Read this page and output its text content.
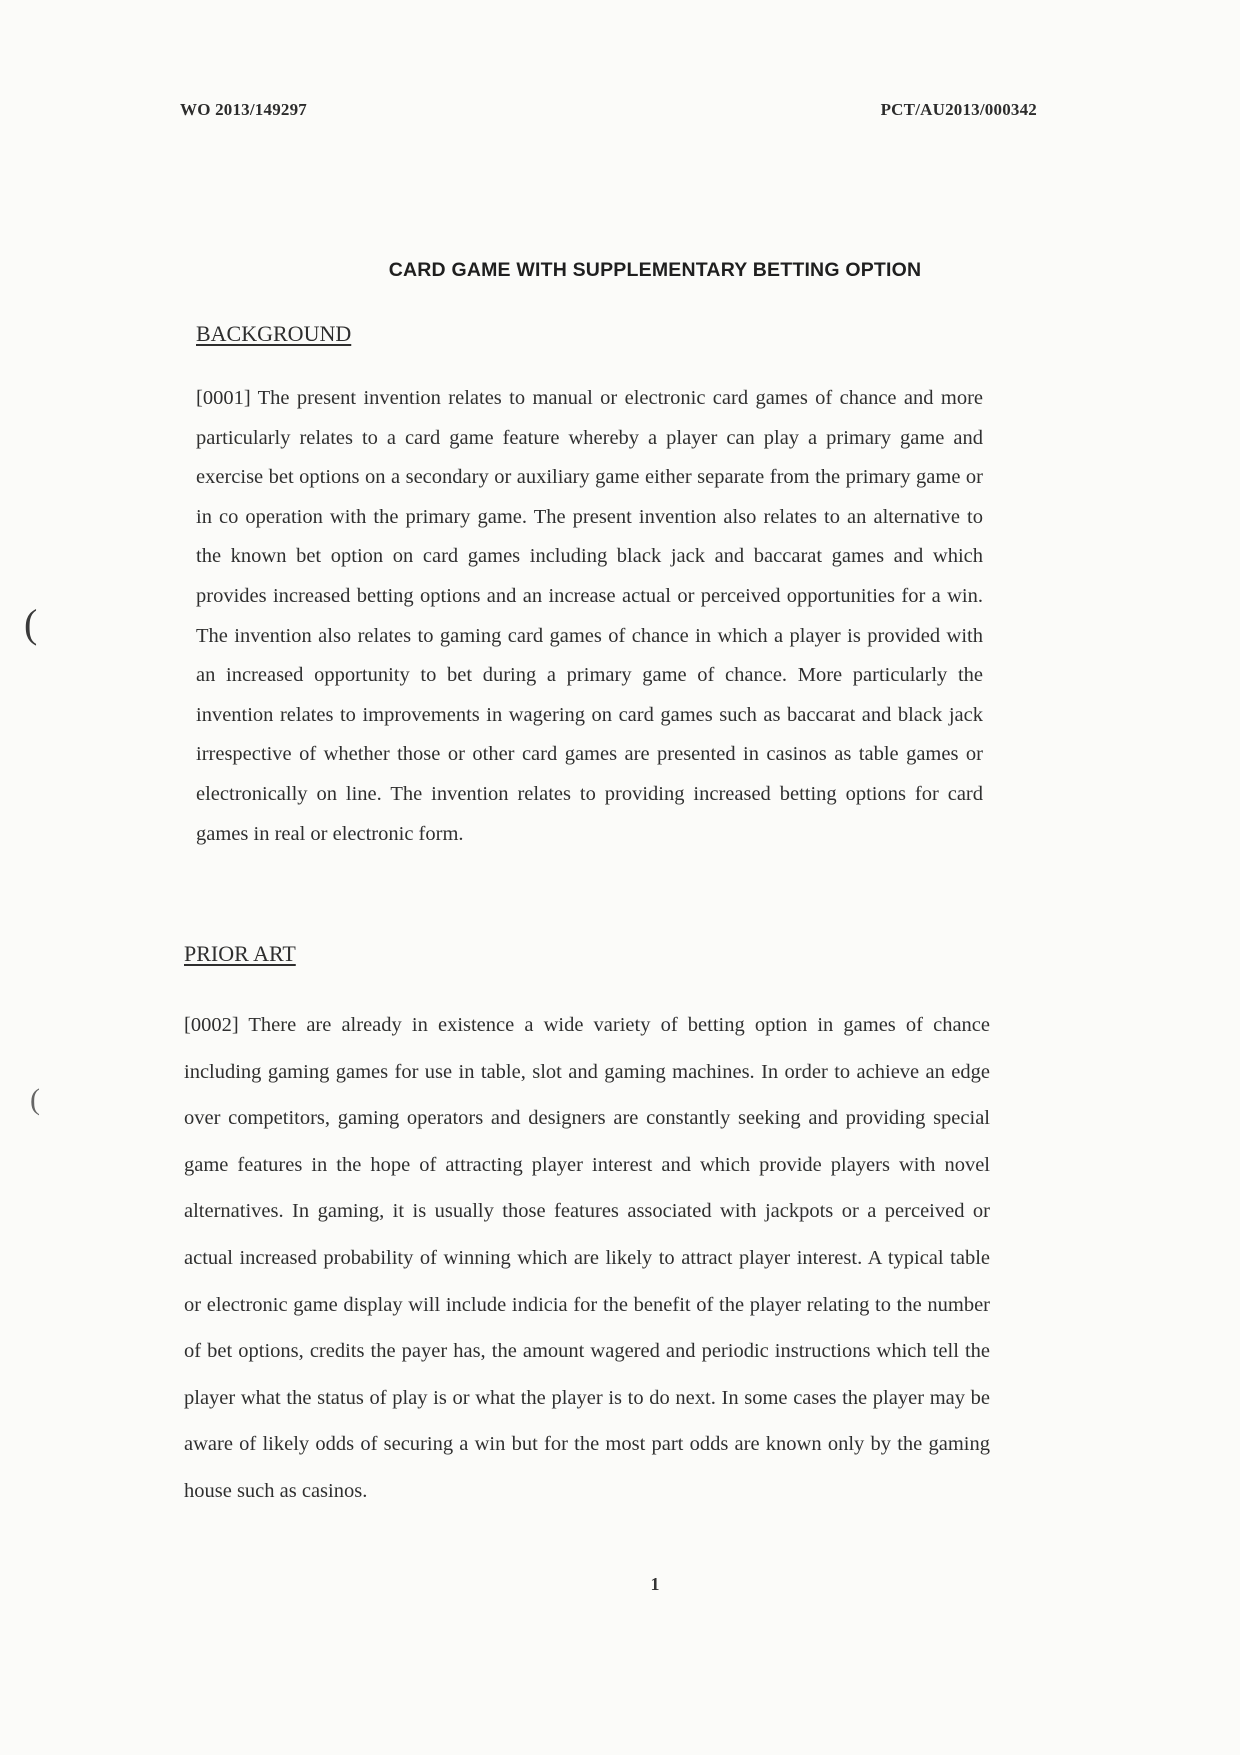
WO 2013/149297	PCT/AU2013/000342
CARD GAME WITH SUPPLEMENTARY BETTING OPTION
BACKGROUND

[0001] The present invention relates to manual or electronic card games of chance and more particularly relates to a card game feature whereby a player can play a primary game and exercise bet options on a secondary or auxiliary game either separate from the primary game or in co operation with the primary game. The present invention also relates to an alternative to the known bet option on card games including black jack and baccarat games and which provides increased betting options and an increase actual or perceived opportunities for a win. The invention also relates to gaming card games of chance in which a player is provided with an increased opportunity to bet during a primary game of chance. More particularly the invention relates to improvements in wagering on card games such as baccarat and black jack irrespective of whether those or other card games are presented in casinos as table games or electronically on line. The invention relates to providing increased betting options for card games in real or electronic form.

PRIOR ART

[0002] There are already in existence a wide variety of betting option in games of chance including gaming games for use in table, slot and gaming machines. In order to achieve an edge over competitors, gaming operators and designers are constantly seeking and providing special game features in the hope of attracting player interest and which provide players with novel alternatives. In gaming, it is usually those features associated with jackpots or a perceived or actual increased probability of winning which are likely to attract player interest. A typical table or electronic game display will include indicia for the benefit of the player relating to the number of bet options, credits the payer has, the amount wagered and periodic instructions which tell the player what the status of play is or what the player is to do next. In some cases the player may be aware of likely odds of securing a win but for the most part odds are known only by the gaming house such as casinos.

1
(
(
